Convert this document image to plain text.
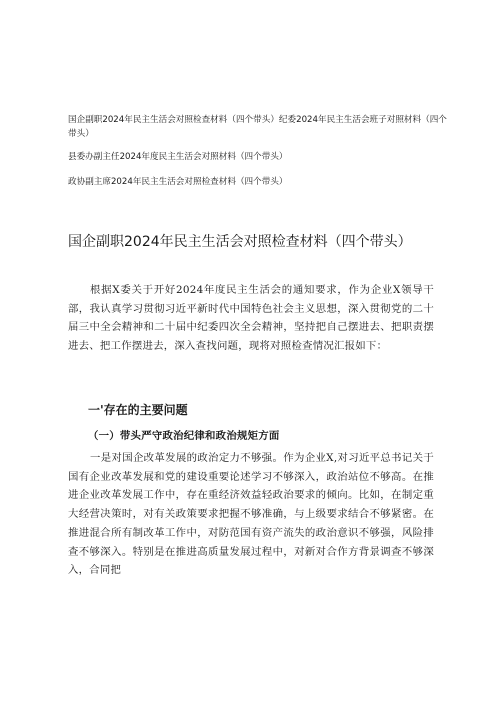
国企副职2024年民主生活会对照检查材料（四个带头）纪委2024年民主生活会班子对照材料（四个带头）

县委办副主任2024年度民主生活会对照材料（四个带头）

政协副主席2024年民主生活会对照检查材料（四个带头）

国企副职2024年民主生活会对照检查材料（四个带头）

根据X委关于开好2024年度民主生活会的通知要求，作为企业X领导干部，我认真学习贯彻习近平新时代中国特色社会主义思想，深入贯彻党的二十届三中全会精神和二十届中纪委四次全会精神，坚持把自己摆进去、把职责摆进去、把工作摆进去，深入查找问题，现将对照检查情况汇报如下：

一'存在的主要问题
（一）带头严守政治纪律和政治规矩方面

一是对国企改革发展的政治定力不够强。作为企业X,对习近平总书记关于国有企业改革发展和党的建设重要论述学习不够深入，政治站位不够高。在推进企业改革发展工作中，存在重经济效益轻政治要求的倾向。比如，在制定重大经营决策时，对有关政策要求把握不够准确，与上级要求结合不够紧密。在推进混合所有制改革工作中，对防范国有资产流失的政治意识不够强，风险排查不够深入。特别是在推进高质量发展过程中，对新对合作方背景调查不够深入，合同把
